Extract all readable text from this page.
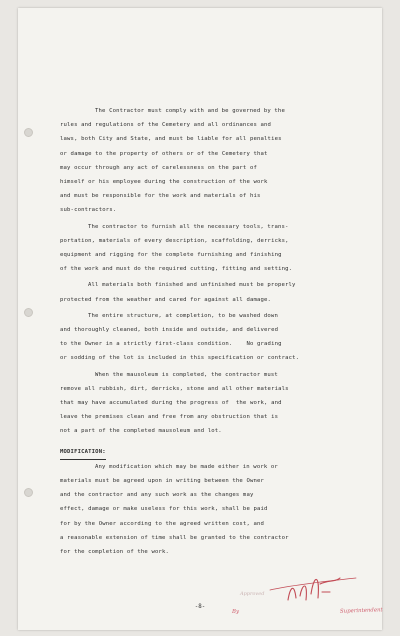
The Contractor must comply with and be governed by the
rules and regulations of the Cemetery and all ordinances and
laws, both City and State, and must be liable for all penalties
or damage to the property of others or of the Cemetery that
may occur through any act of carelessness on the part of
himself or his employee during the construction of the work
and must be responsible for the work and materials of his
sub-contractors.
The contractor to furnish all the necessary tools, trans-
portation, materials of every description, scaffolding, derricks,
equipment and rigging for the complete furnishing and finishing
of the work and must do the required cutting, fitting and setting.
All materials both finished and unfinished must be properly
protected from the weather and cared for against all damage.
The entire structure, at completion, to be washed down
and thoroughly cleaned, both inside and outside, and delivered
to the Owner in a strictly first-class condition.    No grading
or sodding of the lot is included in this specification or contract.
When the mausoleum is completed, the contractor must
remove all rubbish, dirt, derricks, stone and all other materials
that may have accumulated during the progress of  the work, and
leave the premises clean and free from any obstruction that is
not a part of the completed mausoleum and lot.
MODIFICATION:
Any modification which may be made either in work or
materials must be agreed upon in writing between the Owner
and the contractor and any such work as the changes may
effect, damage or make useless for this work, shall be paid
for by the Owner according to the agreed written cost, and
a reasonable extension of time shall be granted to the contractor
for the completion of the work.
-8-
Approved
By	Superintendent
